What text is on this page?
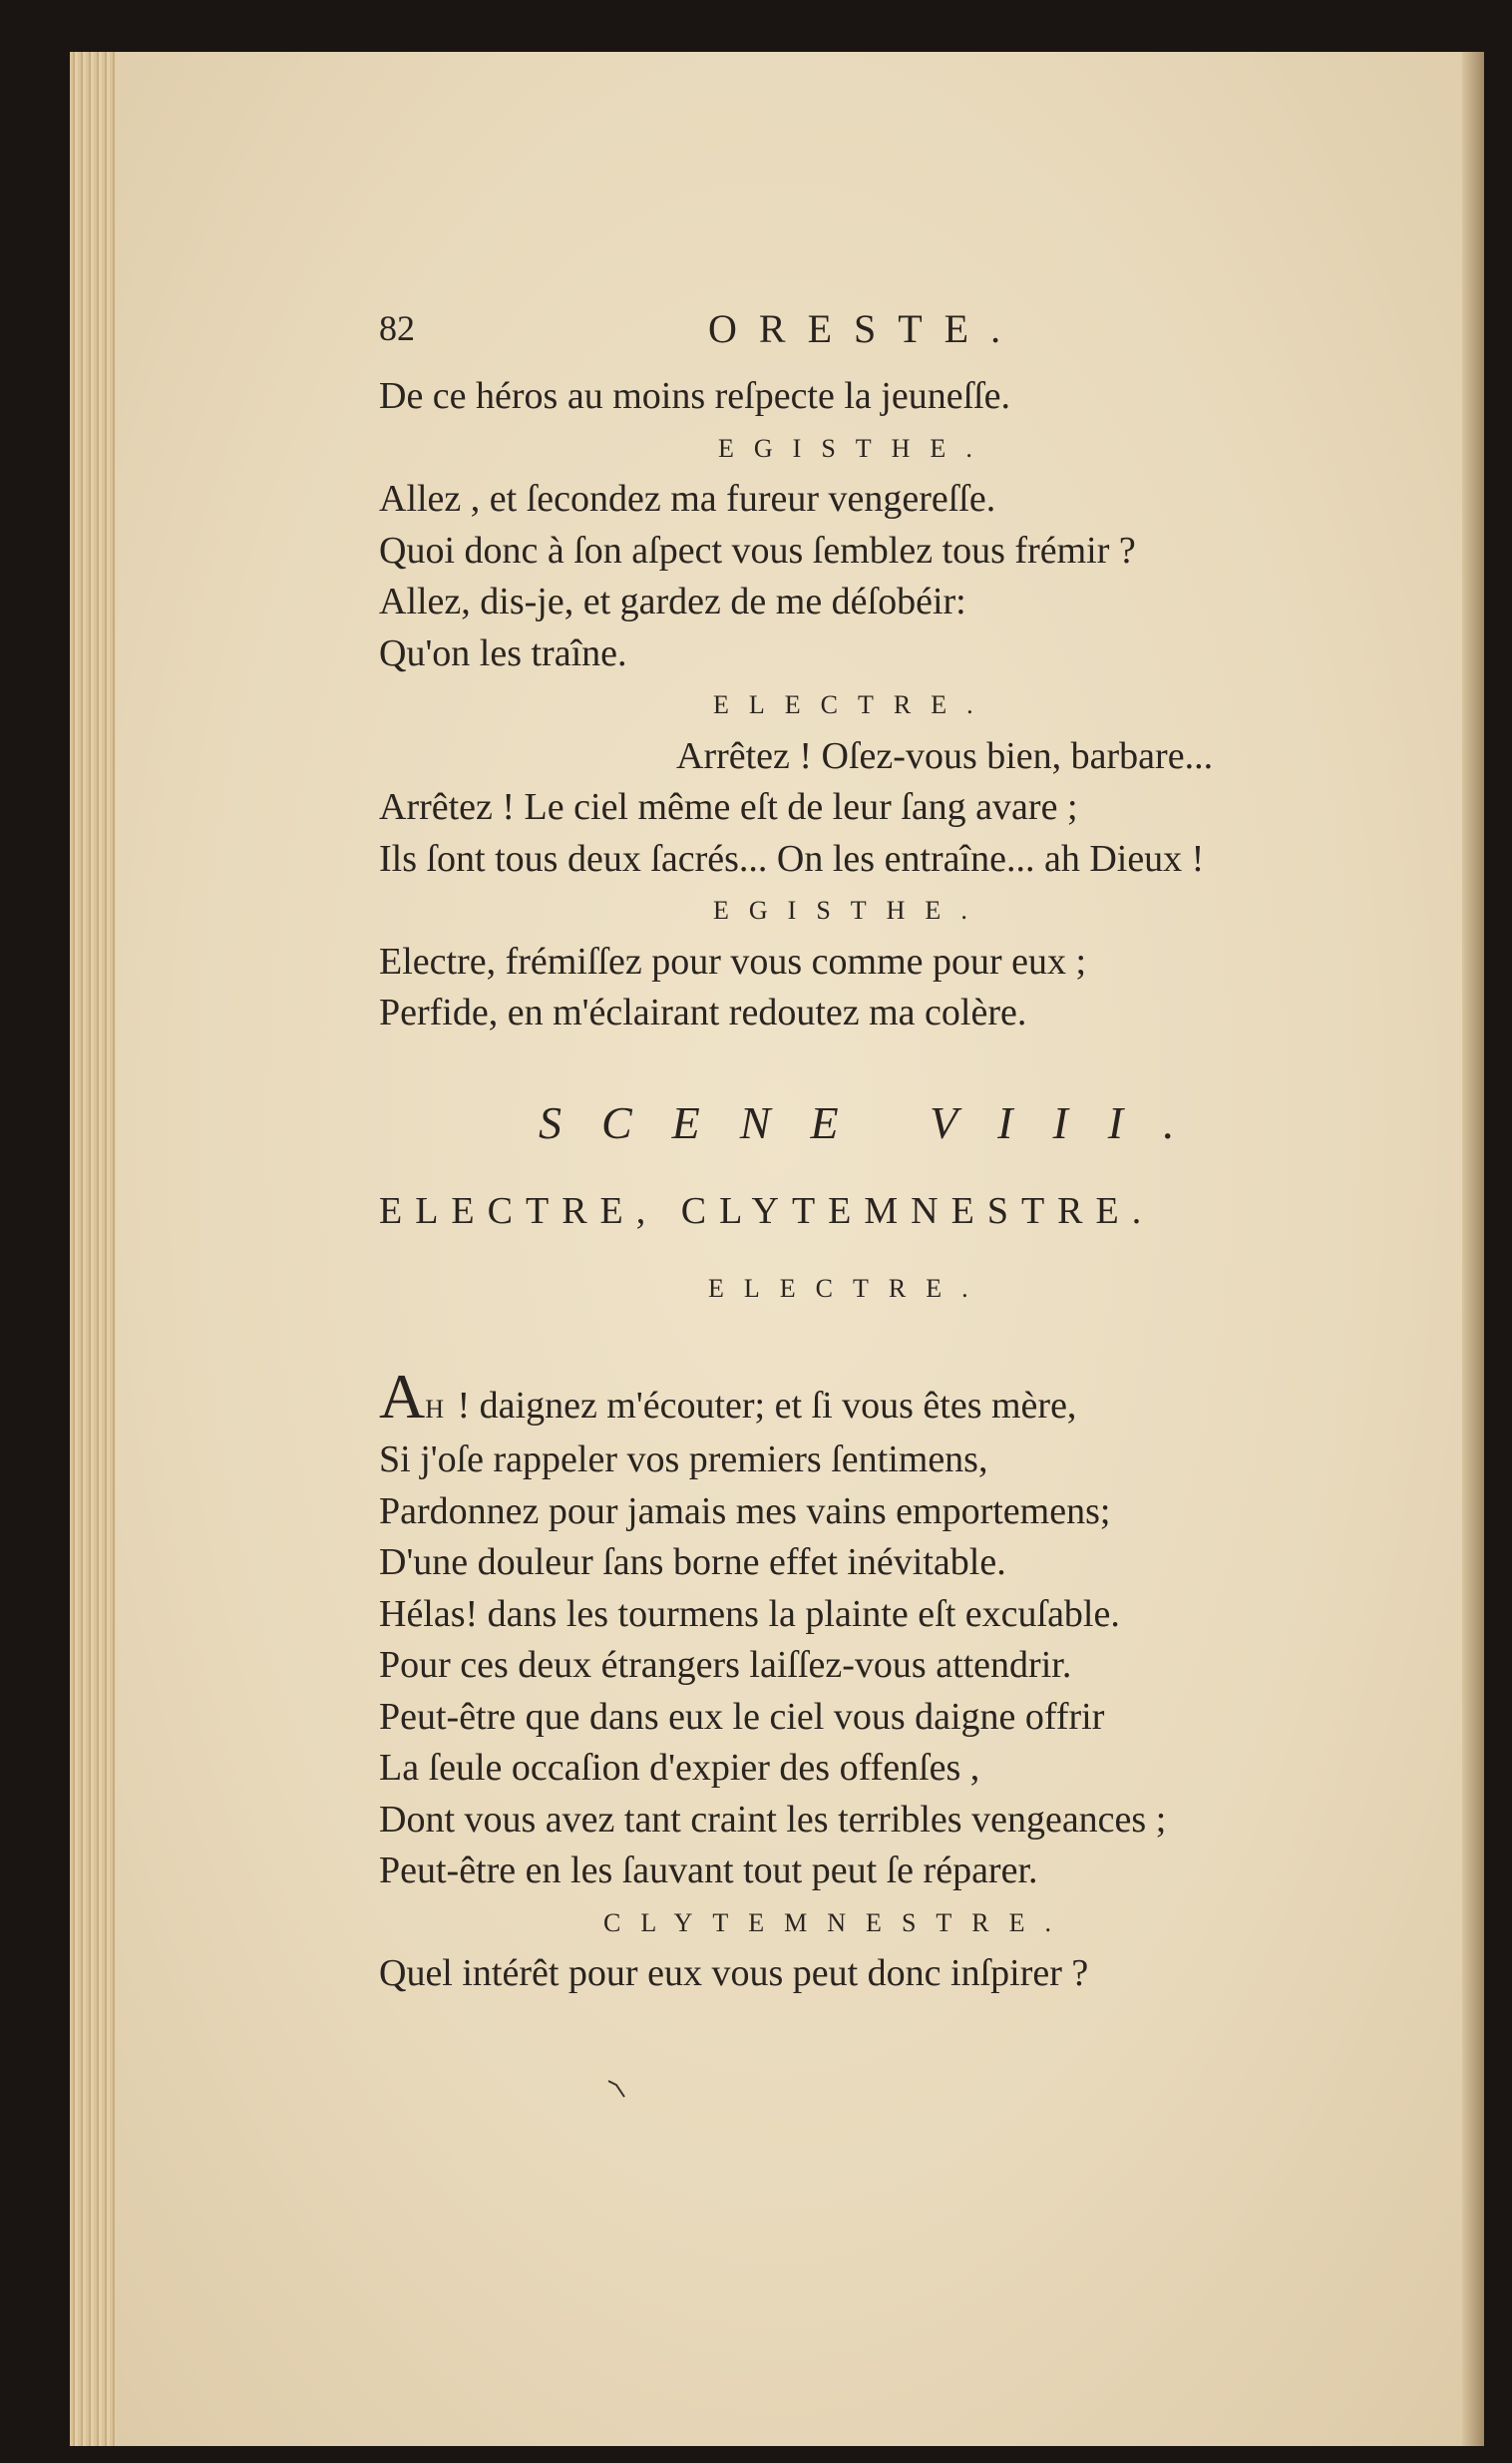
82	ORESTE.
De ce héros au moins reſpecte la jeuneſſe.
EGISTHE.
Allez , et ſecondez ma fureur vengereſſe.
Quoi donc à ſon aſpect vous ſemblez tous frémir ?
Allez, dis-je, et gardez de me déſobéir:
Qu'on les traîne.
ELECTRE.
Arrêtez ! Oſez-vous bien, barbare...
Arrêtez ! Le ciel même eſt de leur ſang avare ;
Ils ſont tous deux ſacrés... On les entraîne... ah Dieux !
EGISTHE.
Electre, frémiſſez pour vous comme pour eux ;
Perfide, en m'éclairant redoutez ma colère.
SCENE VIII.
ELECTRE, CLYTEMNESTRE.
ELECTRE.
AH ! daignez m'écouter; et ſi vous êtes mère,
Si j'oſe rappeler vos premiers ſentimens,
Pardonnez pour jamais mes vains emportemens;
D'une douleur ſans borne effet inévitable.
Hélas! dans les tourmens la plainte eſt excuſable.
Pour ces deux étrangers laiſſez-vous attendrir.
Peut-être que dans eux le ciel vous daigne offrir
La ſeule occaſion d'expier des offenſes ,
Dont vous avez tant craint les terribles vengeances ;
Peut-être en les ſauvant tout peut ſe réparer.
CLYTEMNESTRE.
Quel intérêt pour eux vous peut donc inſpirer ?
